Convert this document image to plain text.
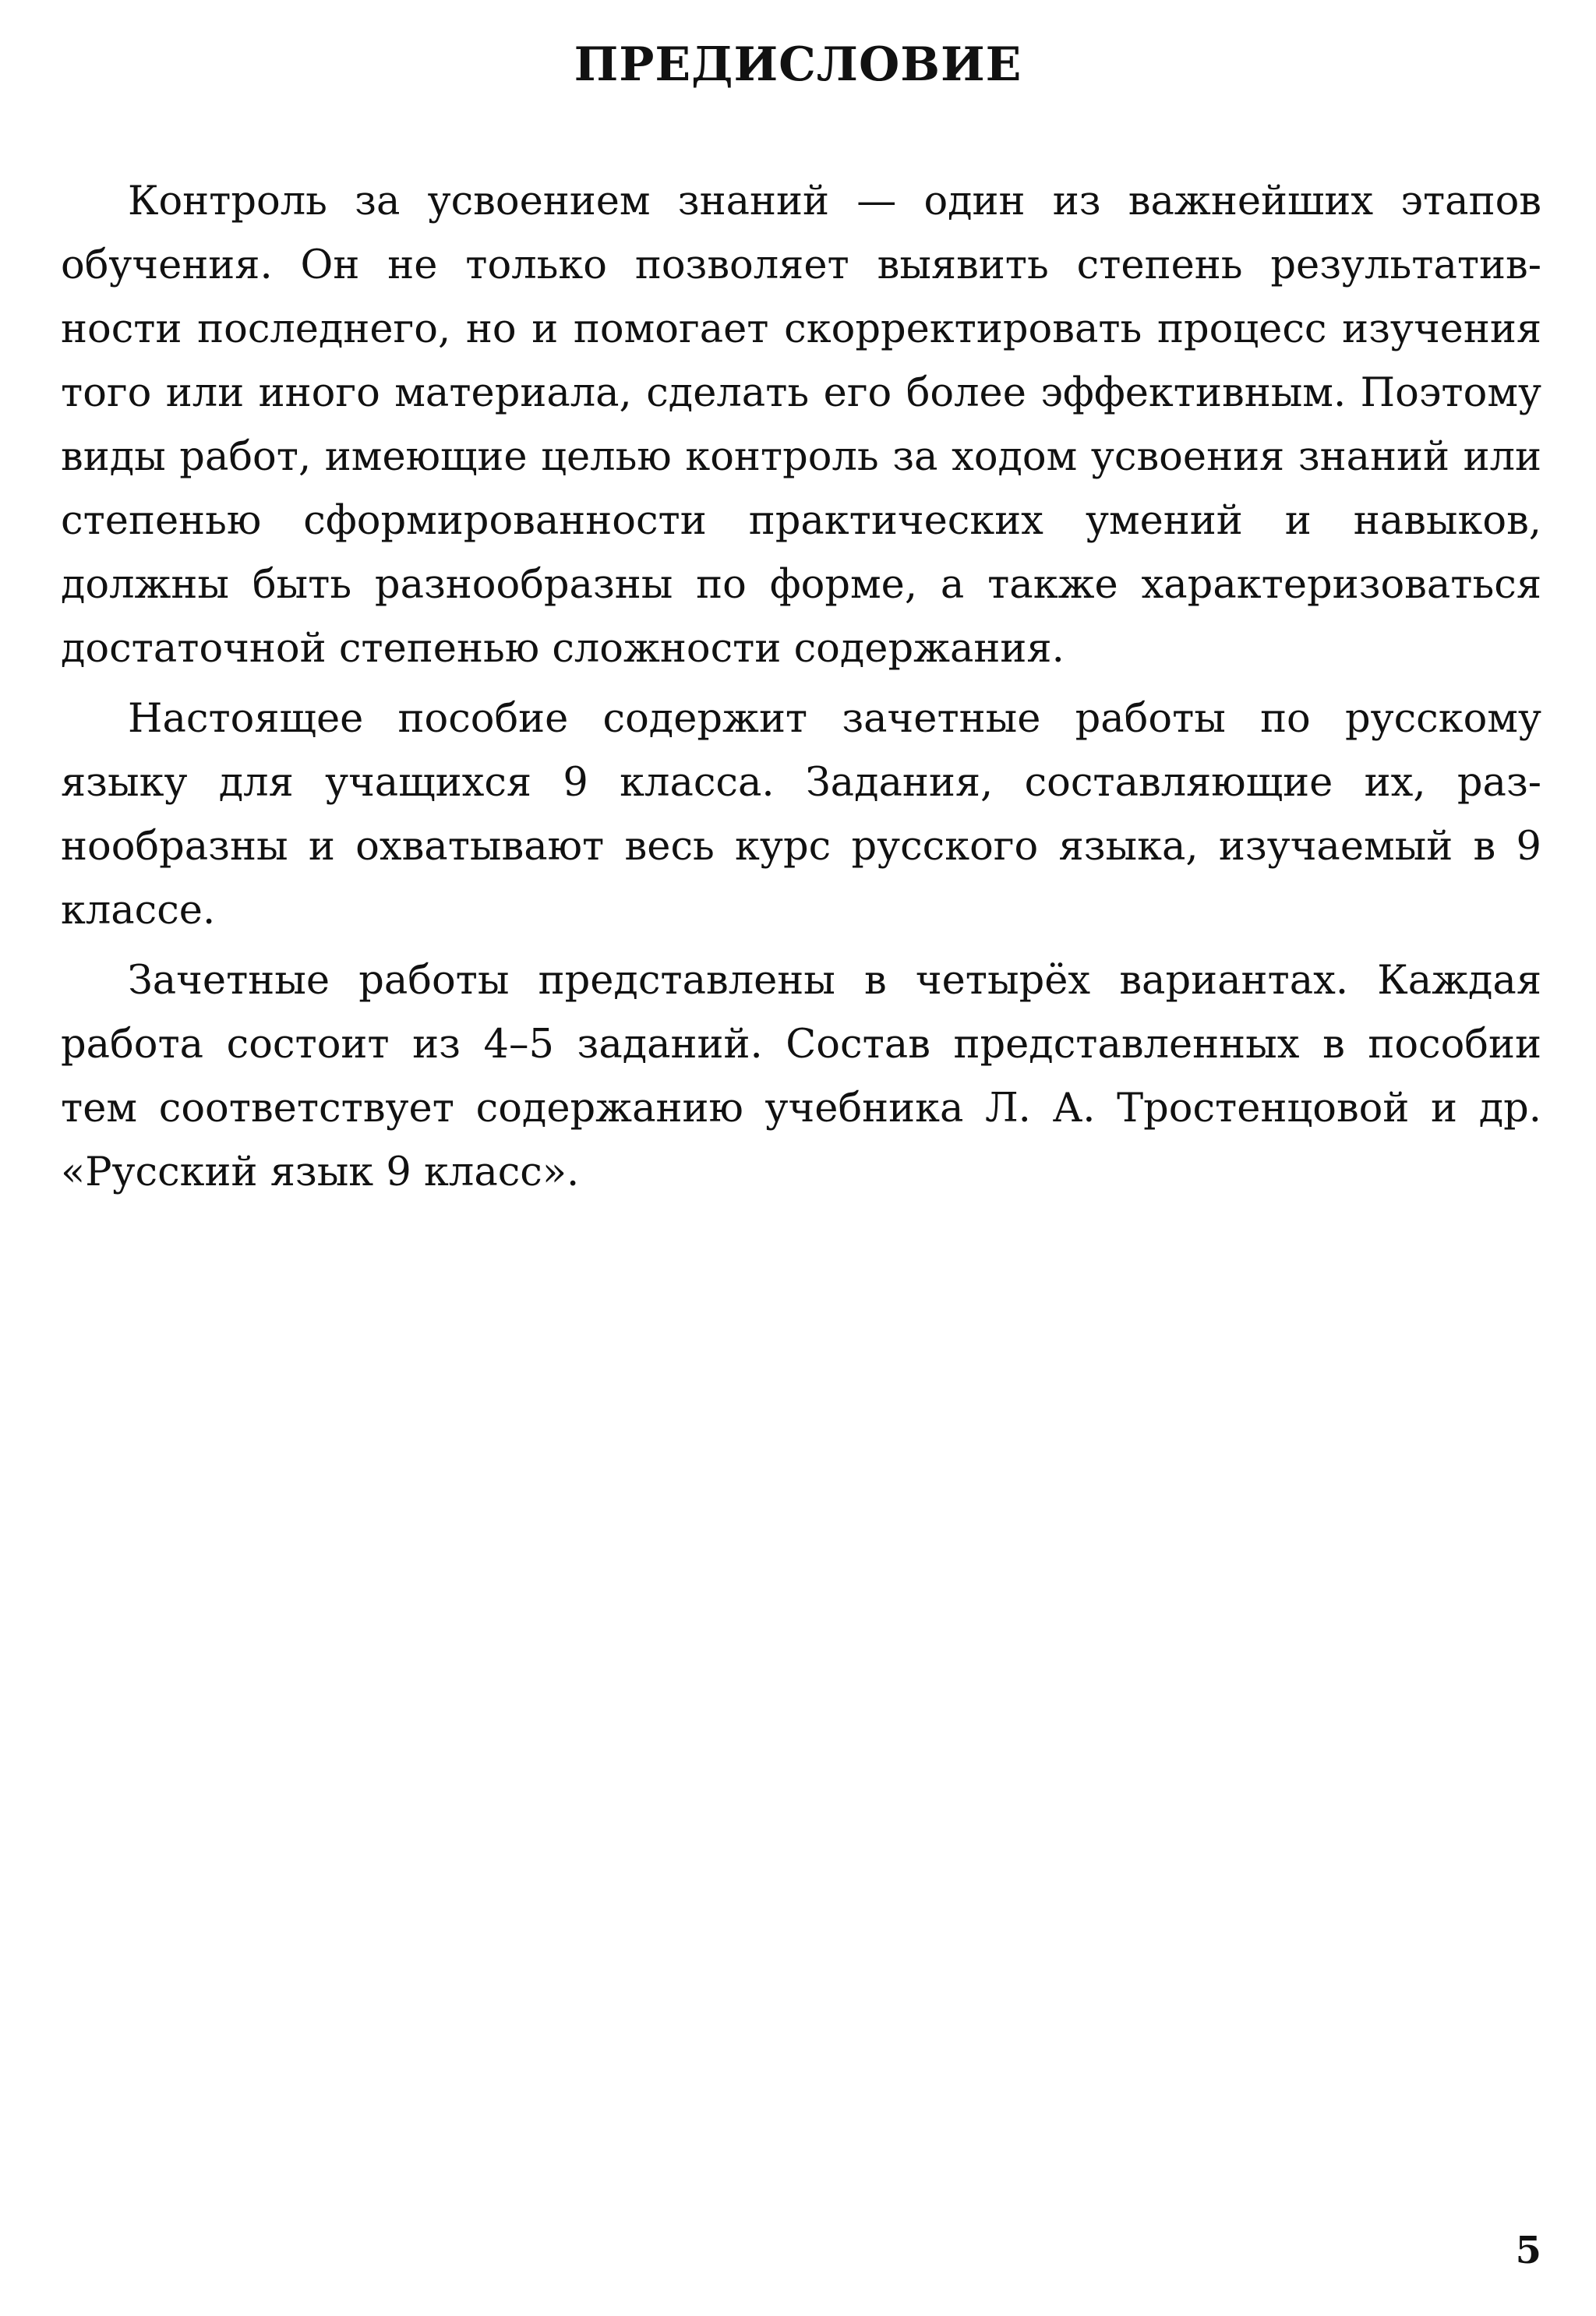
ПРЕДИСЛОВИЕ

Контроль за усвоением знаний — один из важнейших этапов обучения. Он не только позволяет выявить степень результативности последнего, но и помогает скорректировать процесс изучения того или иного материала, сделать его более эффективным. Поэтому виды работ, имеющие целью контроль за ходом усвоения знаний или степенью сформированности практических умений и навыков, должны быть разнообразны по форме, а также характеризоваться достаточной степенью сложности содержания.

Настоящее пособие содержит зачетные работы по русскому языку для учащихся 9 класса. Задания, составляющие их, разнообразны и охватывают весь курс русского языка, изучаемый в 9 классе.

Зачетные работы представлены в четырёх вариантах. Каждая работа состоит из 4–5 заданий. Состав представленных в пособии тем соответствует содержанию учебника Л. А. Тростенцовой и др. «Русский язык 9 класс».

5
